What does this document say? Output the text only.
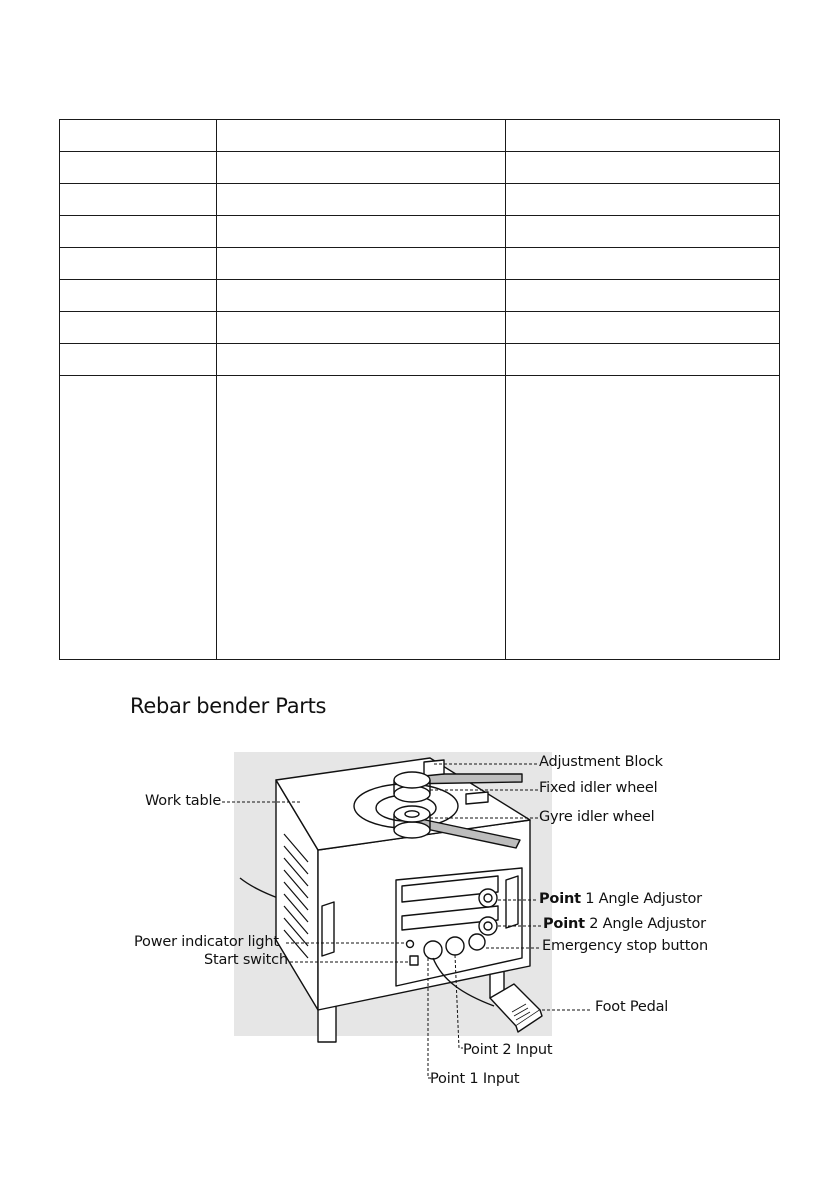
Rebar bender Parts
Adjustment Block
Fixed idler wheel
Gyre idler wheel
Work table
Point 1 Angle Adjustor
Point 2 Angle Adjustor
Power indicator light
Start switch
Emergency stop button
Foot Pedal
Point 2 Input
Point 1 Input
